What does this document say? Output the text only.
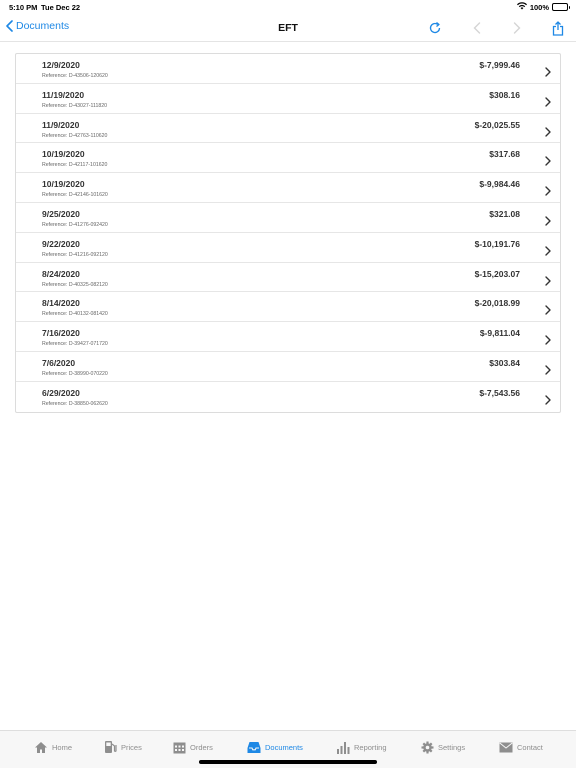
5:10 PM Tue Dec 22	100%
Documents	EFT
12/9/2020
Reference: D-43506-120620
$-7,999.46
11/19/2020
Reference: D-43027-111820
$308.16
11/9/2020
Reference: D-42763-110620
$-20,025.55
10/19/2020
Reference: D-42117-101620
$317.68
10/19/2020
Reference: D-42146-101620
$-9,984.46
9/25/2020
Reference: D-41276-092420
$321.08
9/22/2020
Reference: D-41216-092120
$-10,191.76
8/24/2020
Reference: D-40325-082120
$-15,203.07
8/14/2020
Reference: D-40132-081420
$-20,018.99
7/16/2020
Reference: D-39427-071720
$-9,811.04
7/6/2020
Reference: D-38990-070220
$303.84
6/29/2020
Reference: D-38850-062620
$-7,543.56
Home	Prices	Orders	Documents	Reporting	Settings	Contact
